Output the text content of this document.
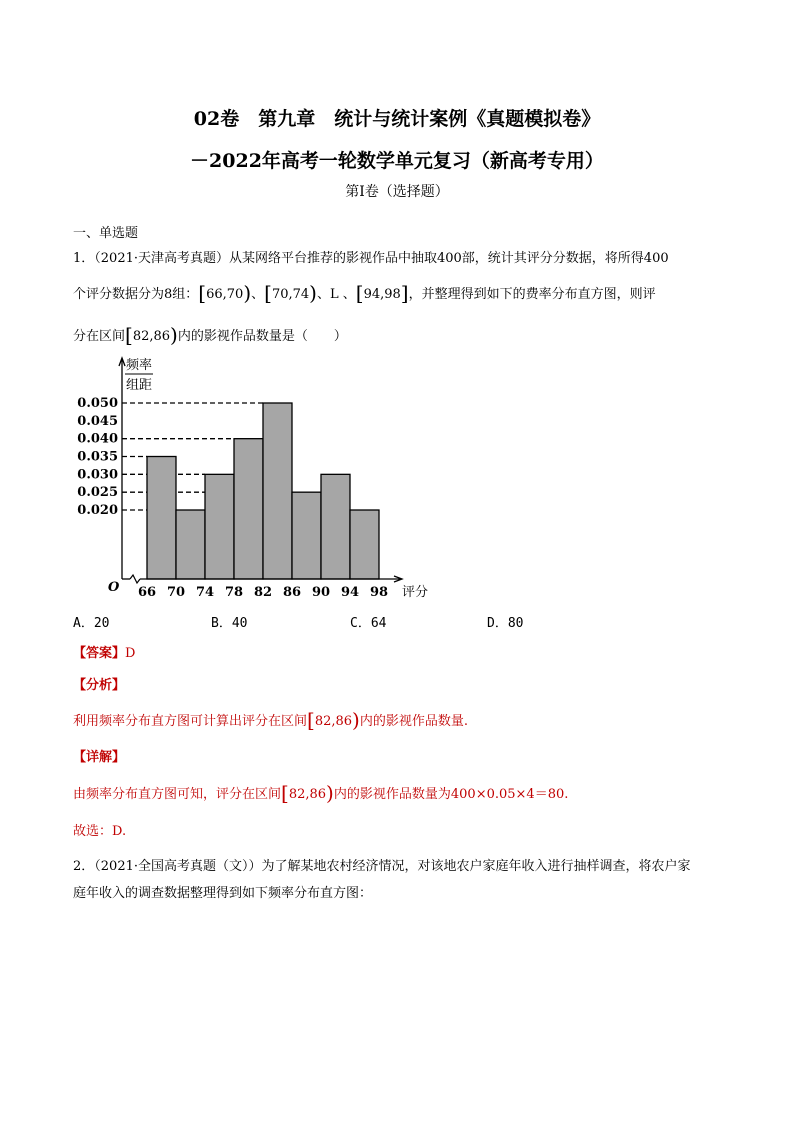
02卷　第九章　统计与统计案例《真题模拟卷》
－2022年高考一轮数学单元复习（新高考专用）
第I卷（选择题）
一、单选题
1．（2021·天津高考真题）从某网络平台推荐的影视作品中抽取400部，统计其评分分数据，将所得400
个评分数据分为8组：[66,70)、[70,74)、L 、[94,98]，并整理得到如下的费率分布直方图，则评
分在区间[82,86)内的影视作品数量是（　　）
0.050
0.045
0.040
0.035
0.030
0.025
0.020
66 70 74 78 82 86 90 94 98
O
频率
组距
评分
A．20	B．40	C．64	D．80
【答案】D
【分析】
利用频率分布直方图可计算出评分在区间[82,86)内的影视作品数量.
【详解】
由频率分布直方图可知，评分在区间[82,86)内的影视作品数量为400×0.05×4＝80.
故选：D.
2．（2021·全国高考真题（文））为了解某地农村经济情况，对该地农户家庭年收入进行抽样调查，将农户家
庭年收入的调查数据整理得到如下频率分布直方图：
